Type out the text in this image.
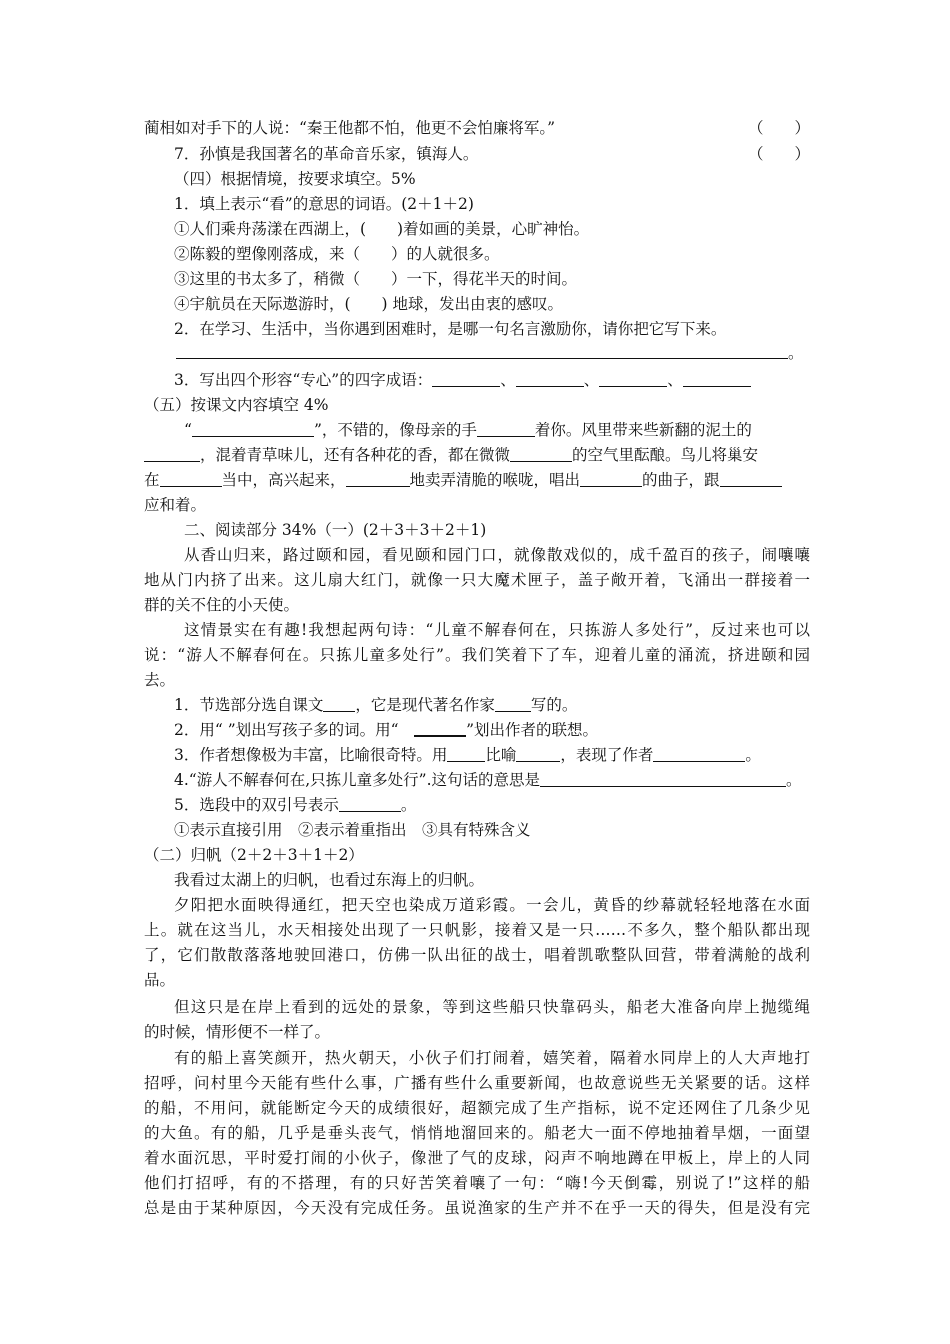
蔺相如对手下的人说：“秦王他都不怕，他更不会怕廉将军。”	（　　）
7．孙慎是我国著名的革命音乐家，镇海人。	（　　）
（四）根据情境，按要求填空。5%
1．填上表示“看”的意思的词语。(2＋1＋2)
①人们乘舟荡漾在西湖上，(　　)着如画的美景，心旷神怡。
②陈毅的塑像刚落成，来（　　）的人就很多。
③这里的书太多了，稍微（　　）一下，得花半天的时间。
④宇航员在天际遨游时，(　　) 地球，发出由衷的感叹。
2．在学习、生活中，当你遇到困难时，是哪一句名言激励你，请你把它写下来。
。
3．写出四个形容“专心”的四字成语：	、	、	、
（五）按课文内容填空 4%
“	”，不错的，像母亲的手	着你。风里带来些新翻的泥土的
，混着青草味儿，还有各种花的香，都在微微	的空气里酝酿。鸟儿将巢安
在	当中，高兴起来，	地卖弄清脆的喉咙，唱出	的曲子，跟
应和着。
二、阅读部分 34%（一）(2＋3＋3＋2＋1)
从香山归来，路过颐和园，看见颐和园门口，就像散戏似的，成千盈百的孩子，闹嚷嚷
地从门内挤了出来。这儿扇大红门，就像一只大魔术匣子，盖子敞开着，飞涌出一群接着一
群的关不住的小天使。
这情景实在有趣!我想起两句诗：“儿童不解春何在，只拣游人多处行”，反过来也可以
说：“游人不解春何在。只拣儿童多处行”。我们笑着下了车，迎着儿童的涌流，挤进颐和园
去。
1．节选部分选自课文 ，它是现代著名作家 写的。
2．用“ ”划出写孩子多的词。用“　	”划出作者的联想。
3．作者想像极为丰富，比喻很奇特。用 比喻	，表现了作者	。
4.“游人不解春何在,只拣儿童多处行”.这句话的意思是	。
5．选段中的双引号表示	。
①表示直接引用　②表示着重指出　③具有特殊含义
（二）归帆（2＋2＋3＋1＋2）
我看过太湖上的归帆，也看过东海上的归帆。
夕阳把水面映得通红，把天空也染成万道彩霞。一会儿，黄昏的纱幕就轻轻地落在水面
上。就在这当儿，水天相接处出现了一只帆影，接着又是一只……不多久，整个船队都出现
了，它们散散落落地驶回港口，仿佛一队出征的战士，唱着凯歌整队回营，带着满舱的战利
品。
但这只是在岸上看到的远处的景象，等到这些船只快靠码头，船老大准备向岸上抛缆绳
的时候，情形便不一样了。
有的船上喜笑颜开，热火朝天，小伙子们打闹着，嬉笑着，隔着水同岸上的人大声地打
招呼，问村里今天能有些什么事，广播有些什么重要新闻，也故意说些无关紧要的话。这样
的船，不用问，就能断定今天的成绩很好，超额完成了生产指标，说不定还网住了几条少见
的大鱼。有的船，几乎是垂头丧气，悄悄地溜回来的。船老大一面不停地抽着旱烟，一面望
着水面沉思，平时爱打闹的小伙子，像泄了气的皮球，闷声不响地蹲在甲板上，岸上的人同
他们打招呼，有的不搭理，有的只好苦笑着嚷了一句：“嗨!今天倒霉，别说了!”这样的船
总是由于某种原因，今天没有完成任务。虽说渔家的生产并不在乎一天的得失，但是没有完
